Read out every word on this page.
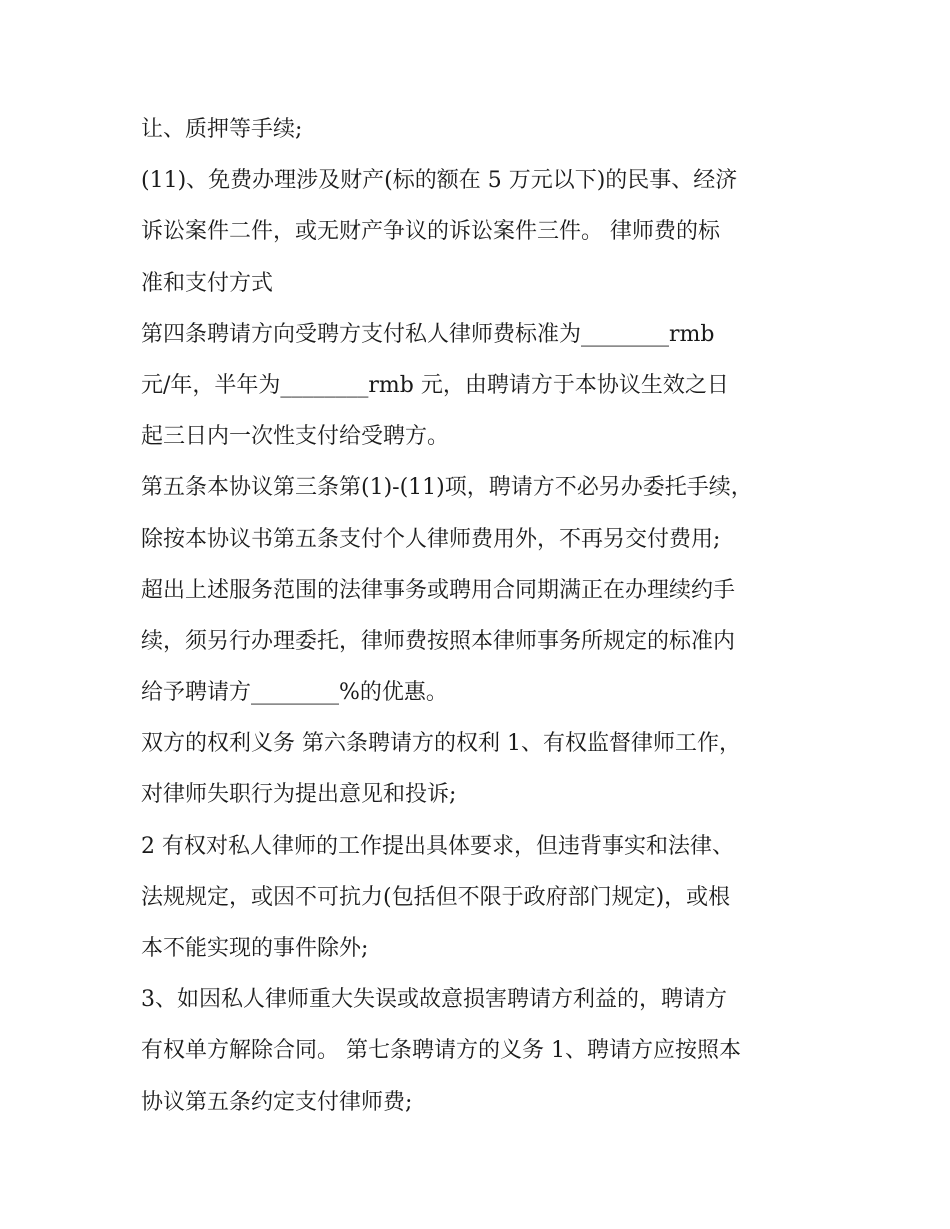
让、质押等手续;
(11)、免费办理涉及财产(标的额在 5 万元以下)的民事、经济
诉讼案件二件，或无财产争议的诉讼案件三件。 律师费的标
准和支付方式
第四条聘请方向受聘方支付私人律师费标准为________rmb
元/年，半年为________rmb 元，由聘请方于本协议生效之日
起三日内一次性支付给受聘方。
第五条本协议第三条第(1)-(11)项，聘请方不必另办委托手续，
除按本协议书第五条支付个人律师费用外，不再另交付费用;
超出上述服务范围的法律事务或聘用合同期满正在办理续约手
续，须另行办理委托，律师费按照本律师事务所规定的标准内
给予聘请方________%的优惠。
双方的权利义务 第六条聘请方的权利 1、有权监督律师工作，
对律师失职行为提出意见和投诉;
2 有权对私人律师的工作提出具体要求，但违背事实和法律、
法规规定，或因不可抗力(包括但不限于政府部门规定)，或根
本不能实现的事件除外;
3、如因私人律师重大失误或故意损害聘请方利益的，聘请方
有权单方解除合同。 第七条聘请方的义务 1、聘请方应按照本
协议第五条约定支付律师费;
